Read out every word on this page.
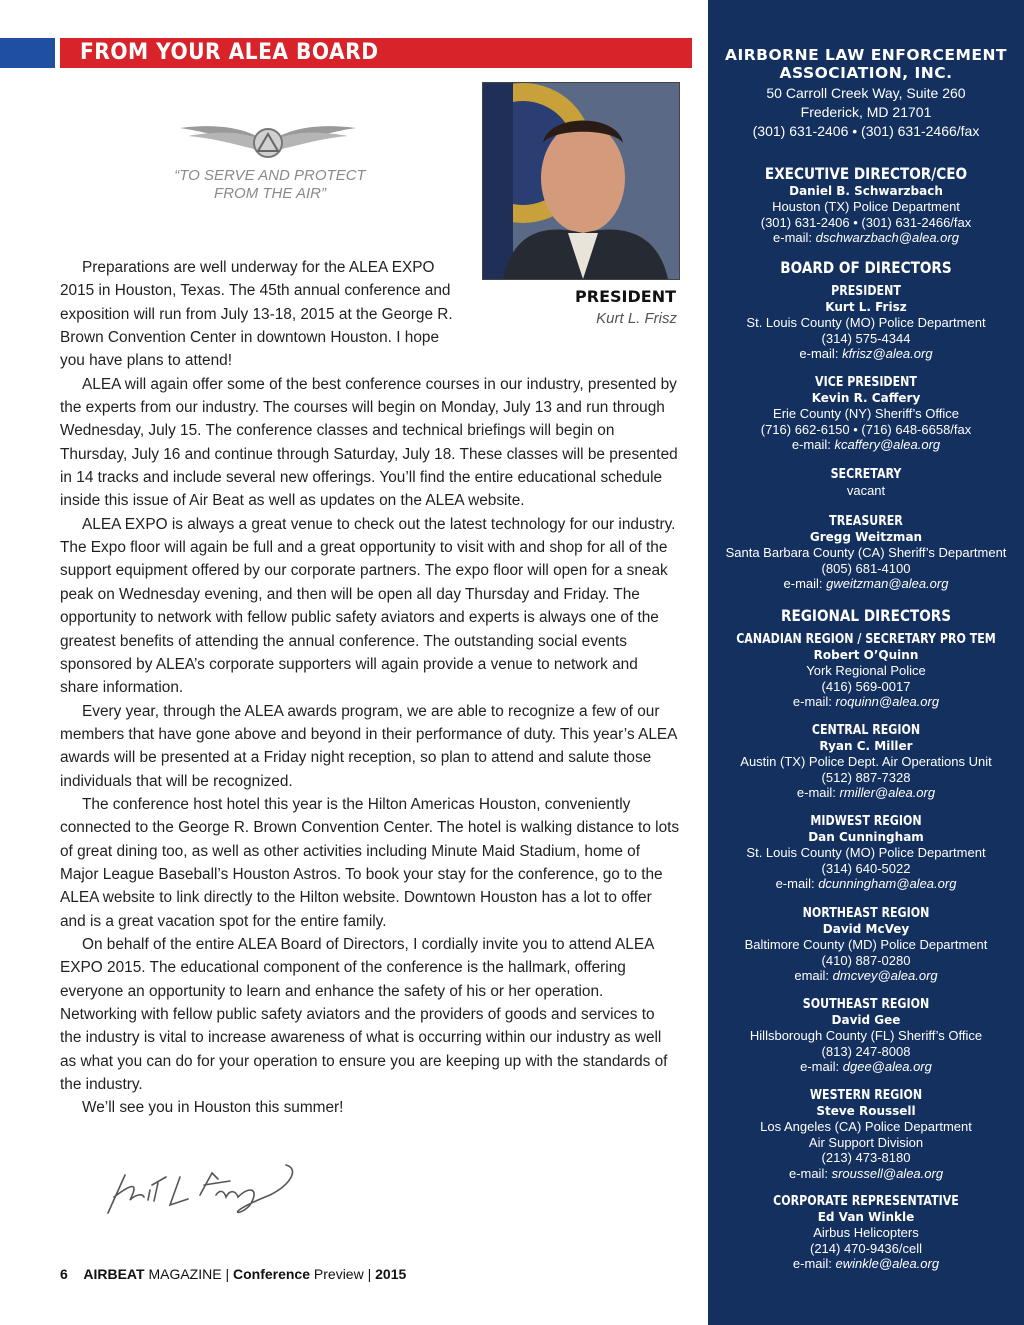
FROM YOUR ALEA BOARD
“TO SERVE AND PROTECT
FROM THE AIR”
PRESIDENT
Kurt L. Frisz

Preparations are well underway for the ALEA EXPO 2015 in Houston, Texas. The 45th annual conference and exposition will run from July 13-18, 2015 at the George R. Brown Convention Center in downtown Houston. I hope you have plans to attend!

ALEA will again offer some of the best conference courses in our industry, presented by the experts from our industry. The courses will begin on Monday, July 13 and run through Wednesday, July 15. The conference classes and technical briefings will begin on Thursday, July 16 and continue through Saturday, July 18. These classes will be presented in 14 tracks and include several new offerings. You’ll find the entire educational schedule inside this issue of Air Beat as well as updates on the ALEA website.

ALEA EXPO is always a great venue to check out the latest technology for our industry. The Expo floor will again be full and a great opportunity to visit with and shop for all of the support equipment offered by our corporate partners. The expo floor will open for a sneak peak on Wednesday evening, and then will be open all day Thursday and Friday. The opportunity to network with fellow public safety aviators and experts is always one of the greatest benefits of attending the annual conference. The outstanding social events sponsored by ALEA’s corporate supporters will again provide a venue to network and share information.

Every year, through the ALEA awards program, we are able to recognize a few of our members that have gone above and beyond in their performance of duty. This year’s ALEA awards will be presented at a Friday night reception, so plan to attend and salute those individuals that will be recognized.

The conference host hotel this year is the Hilton Americas Houston, conveniently connected to the George R. Brown Convention Center. The hotel is walking distance to lots of great dining too, as well as other activities including Minute Maid Stadium, home of Major League Baseball’s Houston Astros. To book your stay for the conference, go to the ALEA website to link directly to the Hilton website. Downtown Houston has a lot to offer and is a great vacation spot for the entire family.

On behalf of the entire ALEA Board of Directors, I cordially invite you to attend ALEA EXPO 2015. The educational component of the conference is the hallmark, offering everyone an opportunity to learn and enhance the safety of his or her operation. Networking with fellow public safety aviators and the providers of goods and services to the industry is vital to increase awareness of what is occurring within our industry as well as what you can do for your operation to ensure you are keeping up with the standards of the industry.

We’ll see you in Houston this summer!

6 AIRBEAT MAGAZINE | Conference Preview | 2015
AIRBORNE LAW ENFORCEMENT
ASSOCIATION, INC.
50 Carroll Creek Way, Suite 260
Frederick, MD 21701
(301) 631-2406 • (301) 631-2466/fax
EXECUTIVE DIRECTOR/CEO
Daniel B. Schwarzbach
Houston (TX) Police Department
(301) 631-2406 • (301) 631-2466/fax
e-mail: dschwarzbach@alea.org
BOARD OF DIRECTORS
PRESIDENT
Kurt L. Frisz
St. Louis County (MO) Police Department
(314) 575-4344
e-mail: kfrisz@alea.org
VICE PRESIDENT
Kevin R. Caffery
Erie County (NY) Sheriff’s Office
(716) 662-6150 • (716) 648-6658/fax
e-mail: kcaffery@alea.org
SECRETARY
vacant
TREASURER
Gregg Weitzman
Santa Barbara County (CA) Sheriff’s Department
(805) 681-4100
e-mail: gweitzman@alea.org
REGIONAL DIRECTORS
CANADIAN REGION / SECRETARY PRO TEM
Robert O’Quinn
York Regional Police
(416) 569-0017
e-mail: roquinn@alea.org
CENTRAL REGION
Ryan C. Miller
Austin (TX) Police Dept. Air Operations Unit
(512) 887-7328
e-mail: rmiller@alea.org
MIDWEST REGION
Dan Cunningham
St. Louis County (MO) Police Department
(314) 640-5022
e-mail: dcunningham@alea.org
NORTHEAST REGION
David McVey
Baltimore County (MD) Police Department
(410) 887-0280
email: dmcvey@alea.org
SOUTHEAST REGION
David Gee
Hillsborough County (FL) Sheriff’s Office
(813) 247-8008
e-mail: dgee@alea.org
WESTERN REGION
Steve Roussell
Los Angeles (CA) Police Department
Air Support Division
(213) 473-8180
e-mail: sroussell@alea.org
CORPORATE REPRESENTATIVE
Ed Van Winkle
Airbus Helicopters
(214) 470-9436/cell
e-mail: ewinkle@alea.org
